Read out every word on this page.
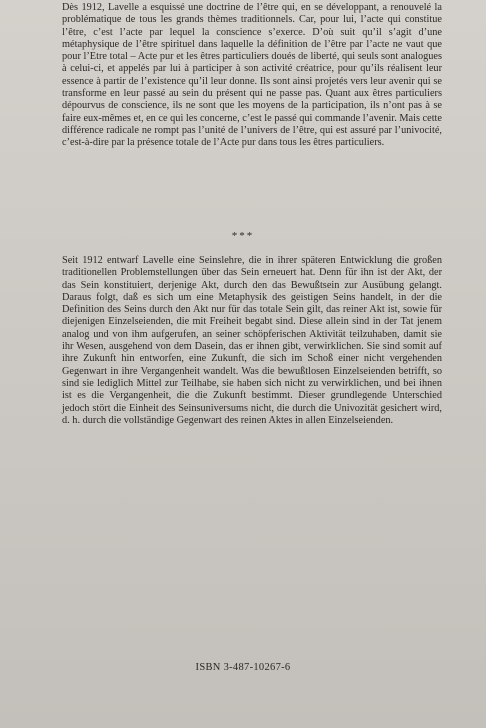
Dès 1912, Lavelle a esquissé une doctrine de l’être qui, en se développant, a renouvelé la problématique de tous les grands thèmes traditionnels. Car, pour lui, l’acte qui constitue l’être, c’est l’acte par lequel la conscience s’exerce. D’où suit qu’il s’agit d’une métaphysique de l’être spirituel dans laquelle la définition de l’être par l’acte ne vaut que pour l’Etre total – Acte pur et les êtres particuliers doués de liberté, qui seuls sont analogues à celui-ci, et appelés par lui à participer à son activité créatrice, pour qu’ils réalisent leur essence à partir de l’existence qu’il leur donne. Ils sont ainsi projetés vers leur avenir qui se transforme en leur passé au sein du présent qui ne passe pas. Quant aux êtres particuliers dépourvus de conscience, ils ne sont que les moyens de la participation, ils n’ont pas à se faire eux-mêmes et, en ce qui les concerne, c’est le passé qui commande l’avenir. Mais cette différence radicale ne rompt pas l’unité de l’univers de l’être, qui est assuré par l’univocité, c’est-à-dire par la présence totale de l’Acte pur dans tous les êtres particuliers.

***

Seit 1912 entwarf Lavelle eine Seinslehre, die in ihrer späteren Entwicklung die großen traditionellen Problemstellungen über das Sein erneuert hat. Denn für ihn ist der Akt, der das Sein konstituiert, derjenige Akt, durch den das Bewußtsein zur Ausübung gelangt. Daraus folgt, daß es sich um eine Metaphysik des geistigen Seins handelt, in der die Definition des Seins durch den Akt nur für das totale Sein gilt, das reiner Akt ist, sowie für diejenigen Einzelseienden, die mit Freiheit begabt sind. Diese allein sind in der Tat jenem analog und von ihm aufgerufen, an seiner schöpferischen Aktivität teilzuhaben, damit sie ihr Wesen, ausgehend von dem Dasein, das er ihnen gibt, verwirklichen. Sie sind somit auf ihre Zukunft hin entworfen, eine Zukunft, die sich im Schoß einer nicht vergehenden Gegenwart in ihre Vergangenheit wandelt. Was die bewußtlosen Einzelseienden betrifft, so sind sie lediglich Mittel zur Teilhabe, sie haben sich nicht zu verwirklichen, und bei ihnen ist es die Vergangenheit, die die Zukunft bestimmt. Dieser grundlegende Unterschied jedoch stört die Einheit des Seinsuniversums nicht, die durch die Univozität gesichert wird, d. h. durch die vollständige Gegenwart des reinen Aktes in allen Einzelseienden.

ISBN 3-487-10267-6
